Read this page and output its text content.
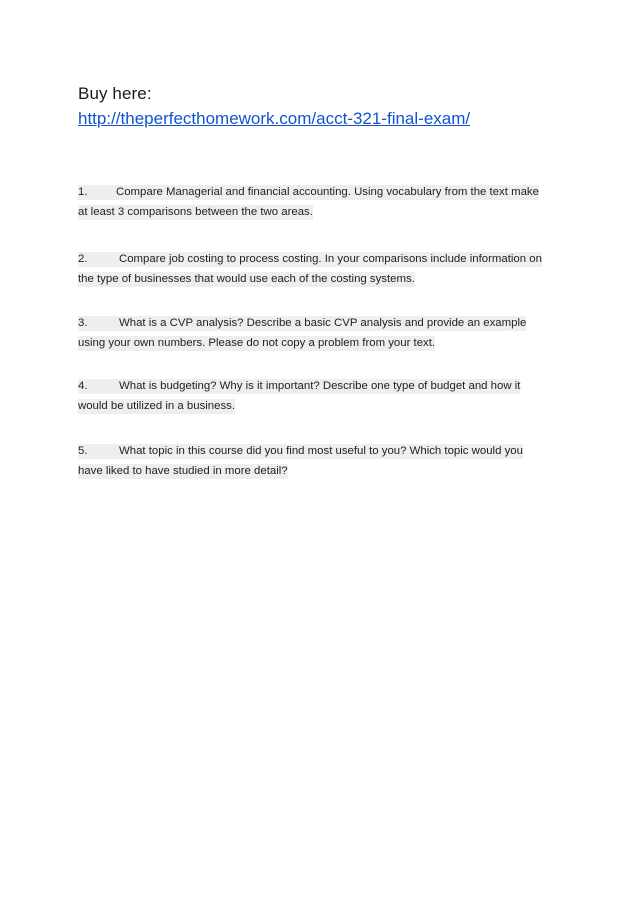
Buy here:
http://theperfecthomework.com/acct-321-final-exam/
1.	Compare Managerial and financial accounting. Using vocabulary from the text make
at least 3 comparisons between the two areas.
2.	Compare job costing to process costing. In your comparisons include information on
the type of businesses that would use each of the costing systems.
3.	What is a CVP analysis? Describe a basic CVP analysis and provide an example
using your own numbers. Please do not copy a problem from your text.
4.	What is budgeting? Why is it important? Describe one type of budget and how it
would be utilized in a business.
5.	What topic in this course did you find most useful to you? Which topic would you
have liked to have studied in more detail?
